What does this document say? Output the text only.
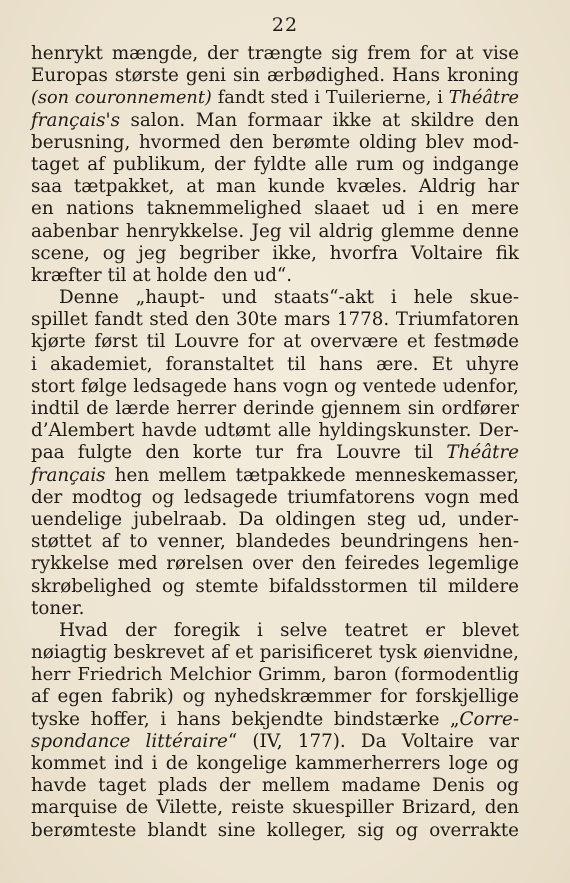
22
henrykt mængde, der trængte sig frem for at vise
Europas største geni sin ærbødighed. Hans kroning
(son couronnement) fandt sted i Tuilerierne, i Théâtre
français's salon. Man formaar ikke at skildre den
berusning, hvormed den berømte olding blev mod-
taget af publikum, der fyldte alle rum og indgange
saa tætpakket, at man kunde kvæles. Aldrig har
en nations taknemmelighed slaaet ud i en mere
aabenbar henrykkelse. Jeg vil aldrig glemme denne
scene, og jeg begriber ikke, hvorfra Voltaire fik
kræfter til at holde den ud“.
Denne „haupt- und staats“-akt i hele skue-
spillet fandt sted den 30te mars 1778. Triumfatoren
kjørte først til Louvre for at overvære et festmøde
i akademiet, foranstaltet til hans ære. Et uhyre
stort følge ledsagede hans vogn og ventede udenfor,
indtil de lærde herrer derinde gjennem sin ordfører
d’Alembert havde udtømt alle hyldingskunster. Der-
paa fulgte den korte tur fra Louvre til Théâtre
français hen mellem tætpakkede menneskemasser,
der modtog og ledsagede triumfatorens vogn med
uendelige jubelraab. Da oldingen steg ud, under-
støttet af to venner, blandedes beundringens hen-
rykkelse med rørelsen over den feiredes legemlige
skrøbelighed og stemte bifaldsstormen til mildere
toner.
Hvad der foregik i selve teatret er blevet
nøiagtig beskrevet af et parisificeret tysk øienvidne,
herr Friedrich Melchior Grimm, baron (formodentlig
af egen fabrik) og nyhedskræmmer for forskjellige
tyske hoffer, i hans bekjendte bindstærke „Corre-
spondance littéraire“ (IV, 177). Da Voltaire var
kommet ind i de kongelige kammerherrers loge og
havde taget plads der mellem madame Denis og
marquise de Vilette, reiste skuespiller Brizard, den
berømteste blandt sine kolleger, sig og overrakte
